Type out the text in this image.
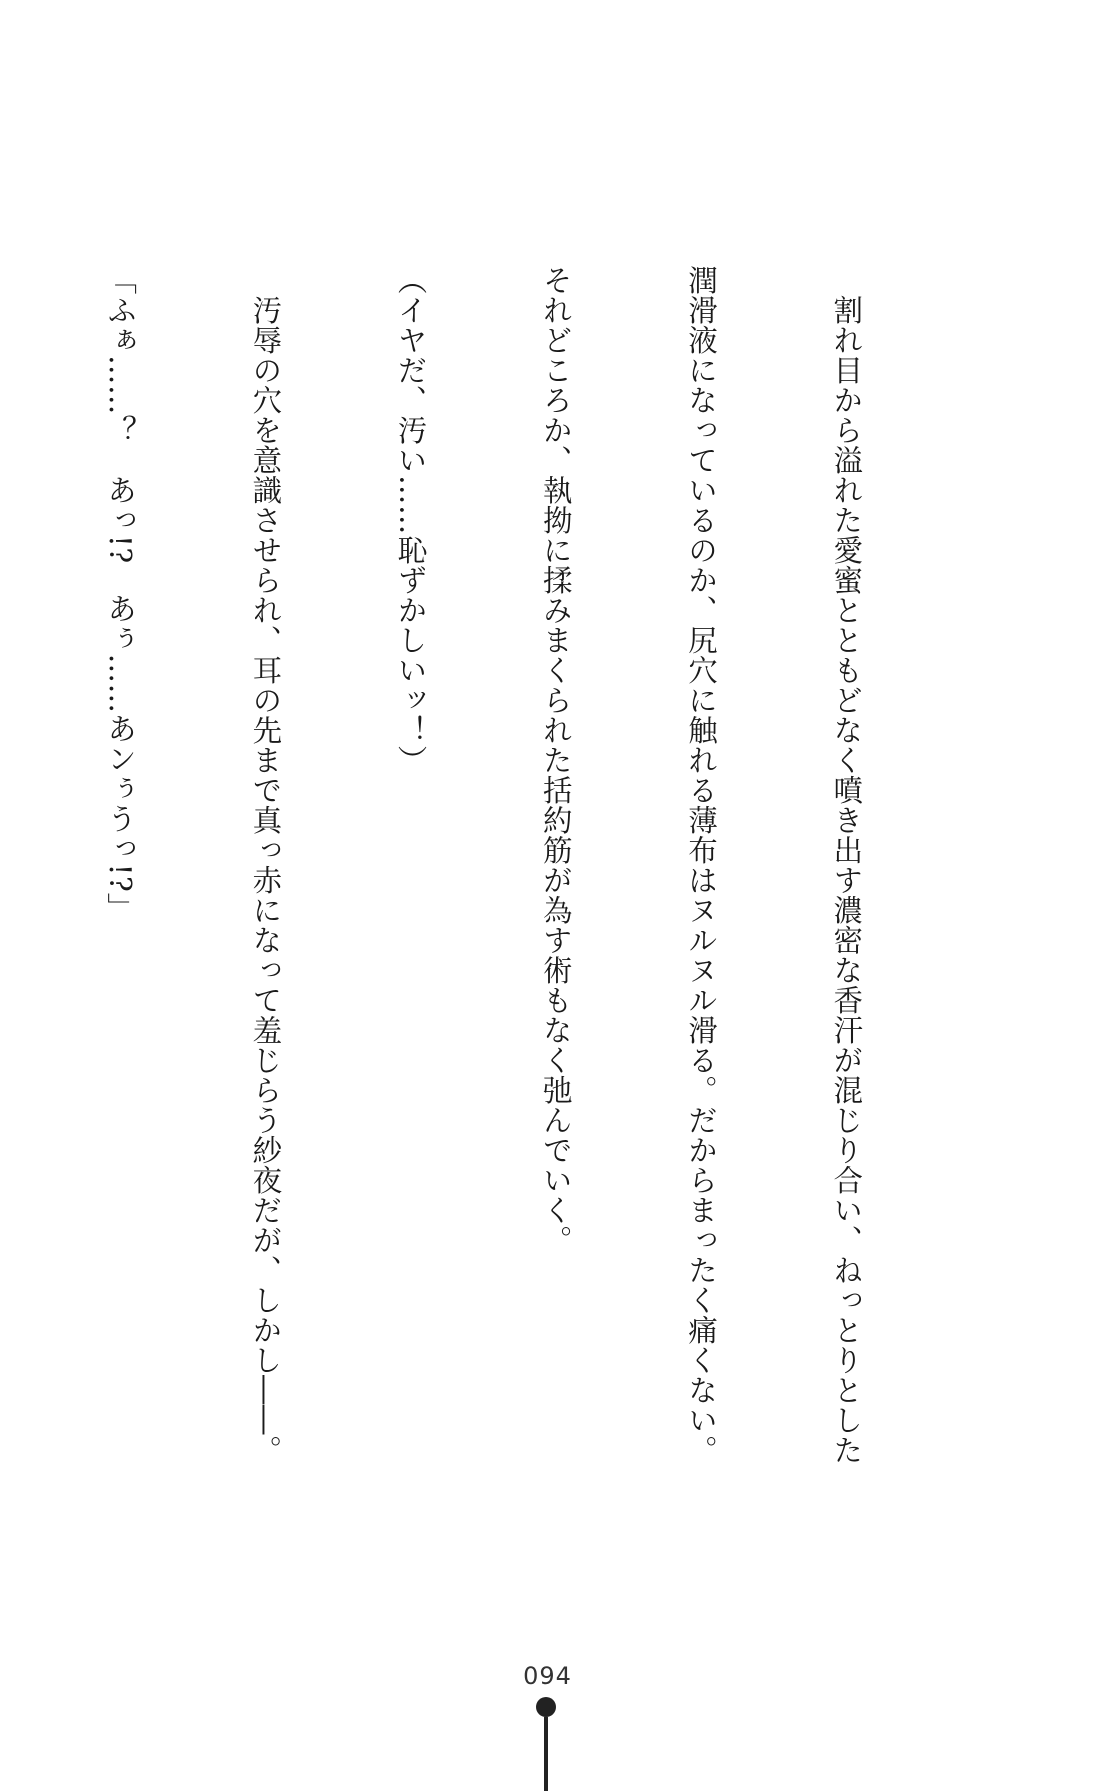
　割れ目から溢れた愛蜜とともどなく噴き出す濃密な香汗が混じり合い、ねっとりとした

潤滑液になっているのか、尻穴に触れる薄布はヌルヌル滑る。だからまったく痛くない。

それどころか、執拗に揉みまくられた括約筋が為す術もなく弛んでいく。

（イヤだ、汚い……恥ずかしいッ！）

　汚辱の穴を意識させられ、耳の先まで真っ赤になって羞じらう紗夜だが、しかし――。

「ふぁ……？　あっ!?　あぅ……あンぅうっ!?」

094
